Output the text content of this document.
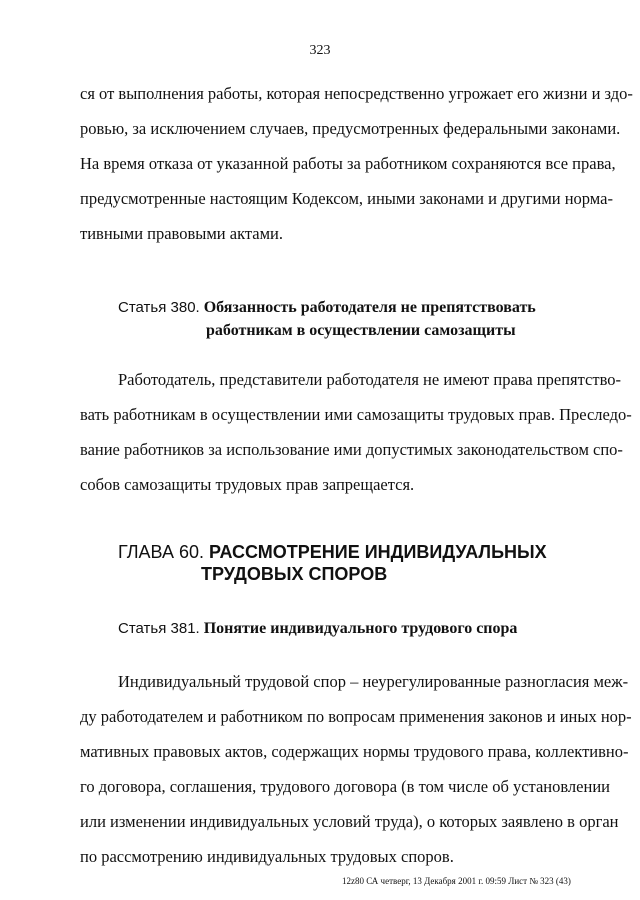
323
ся от выполнения работы, которая непосредственно угрожает его жизни и здо-
ровью, за исключением случаев, предусмотренных федеральными законами.
На время отказа от указанной работы за работником сохраняются все права,
предусмотренные настоящим Кодексом, иными законами и другими норма-
тивными правовыми актами.
Статья 380. Обязанность работодателя не препятствовать
работникам в осуществлении самозащиты
Работодатель, представители работодателя не имеют права препятство-
вать работникам в осуществлении ими самозащиты трудовых прав. Преследо-
вание работников за использование ими допустимых законодательством спо-
собов самозащиты трудовых прав запрещается.
ГЛАВА 60. РАССМОТРЕНИЕ ИНДИВИДУАЛЬНЫХ
ТРУДОВЫХ СПОРОВ
Статья 381. Понятие индивидуального трудового спора
Индивидуальный трудовой спор – неурегулированные разногласия меж-
ду работодателем и работником по вопросам применения законов и иных нор-
мативных правовых актов, содержащих нормы трудового права, коллективно-
го договора, соглашения, трудового договора (в том числе об установлении
или изменении индивидуальных условий труда), о которых заявлено в орган
по рассмотрению индивидуальных трудовых споров.
12z80 СА четверг, 13 Декабря 2001 г. 09:59 Лист № 323 (43)
